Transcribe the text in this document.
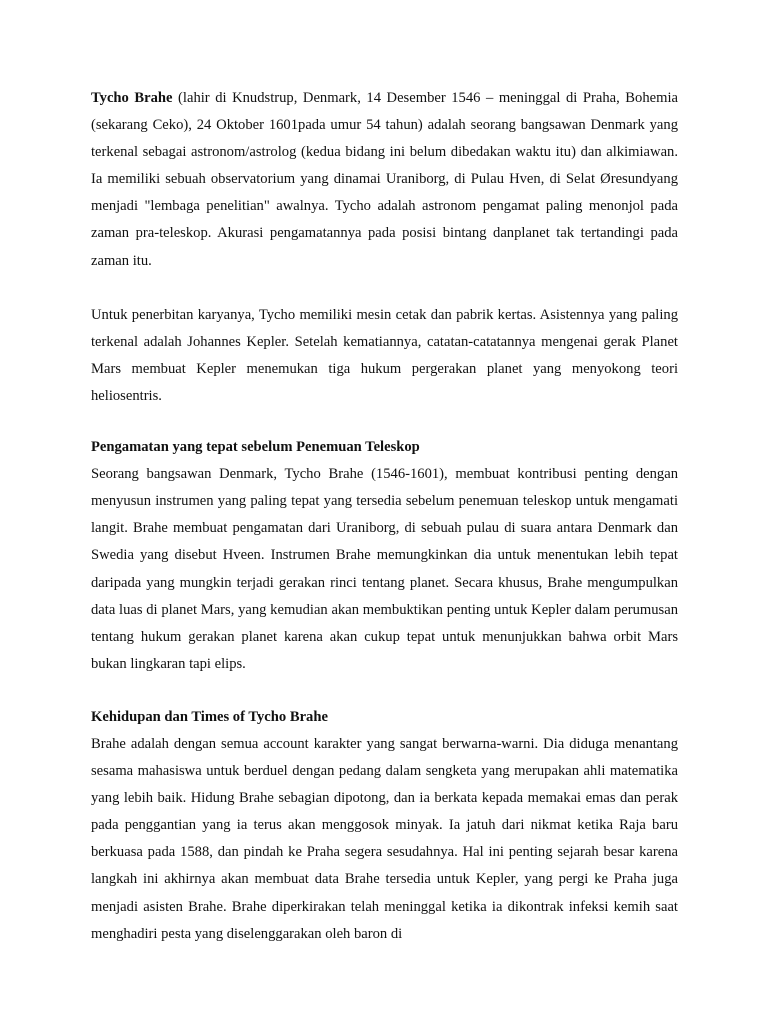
Tycho Brahe (lahir di Knudstrup, Denmark, 14 Desember 1546 – meninggal di Praha, Bohemia (sekarang Ceko), 24 Oktober 1601pada umur 54 tahun) adalah seorang bangsawan Denmark yang terkenal sebagai astronom/astrolog (kedua bidang ini belum dibedakan waktu itu) dan alkimiawan. Ia memiliki sebuah observatorium yang dinamai Uraniborg, di Pulau Hven, di Selat Øresundyang menjadi "lembaga penelitian" awalnya. Tycho adalah astronom pengamat paling menonjol pada zaman pra-teleskop. Akurasi pengamatannya pada posisi bintang danplanet tak tertandingi pada zaman itu.

Untuk penerbitan karyanya, Tycho memiliki mesin cetak dan pabrik kertas. Asistennya yang paling terkenal adalah Johannes Kepler. Setelah kematiannya, catatan-catatannya mengenai gerak Planet Mars membuat Kepler menemukan tiga hukum pergerakan planet yang menyokong teori heliosentris.

Pengamatan yang tepat sebelum Penemuan Teleskop

Seorang bangsawan Denmark, Tycho Brahe (1546-1601), membuat kontribusi penting dengan menyusun instrumen yang paling tepat yang tersedia sebelum penemuan teleskop untuk mengamati langit. Brahe membuat pengamatan dari Uraniborg, di sebuah pulau di suara antara Denmark dan Swedia yang disebut Hveen. Instrumen Brahe memungkinkan dia untuk menentukan lebih tepat daripada yang mungkin terjadi gerakan rinci tentang planet. Secara khusus, Brahe mengumpulkan data luas di planet Mars, yang kemudian akan membuktikan penting untuk Kepler dalam perumusan tentang hukum gerakan planet karena akan cukup tepat untuk menunjukkan bahwa orbit Mars bukan lingkaran tapi elips.

Kehidupan dan Times of Tycho Brahe

Brahe adalah dengan semua account karakter yang sangat berwarna-warni. Dia diduga menantang sesama mahasiswa untuk berduel dengan pedang dalam sengketa yang merupakan ahli matematika yang lebih baik. Hidung Brahe sebagian dipotong, dan ia berkata kepada memakai emas dan perak pada penggantian yang ia terus akan menggosok minyak. Ia jatuh dari nikmat ketika Raja baru berkuasa pada 1588, dan pindah ke Praha segera sesudahnya. Hal ini penting sejarah besar karena langkah ini akhirnya akan membuat data Brahe tersedia untuk Kepler, yang pergi ke Praha juga menjadi asisten Brahe. Brahe diperkirakan telah meninggal ketika ia dikontrak infeksi kemih saat menghadiri pesta yang diselenggarakan oleh baron di
